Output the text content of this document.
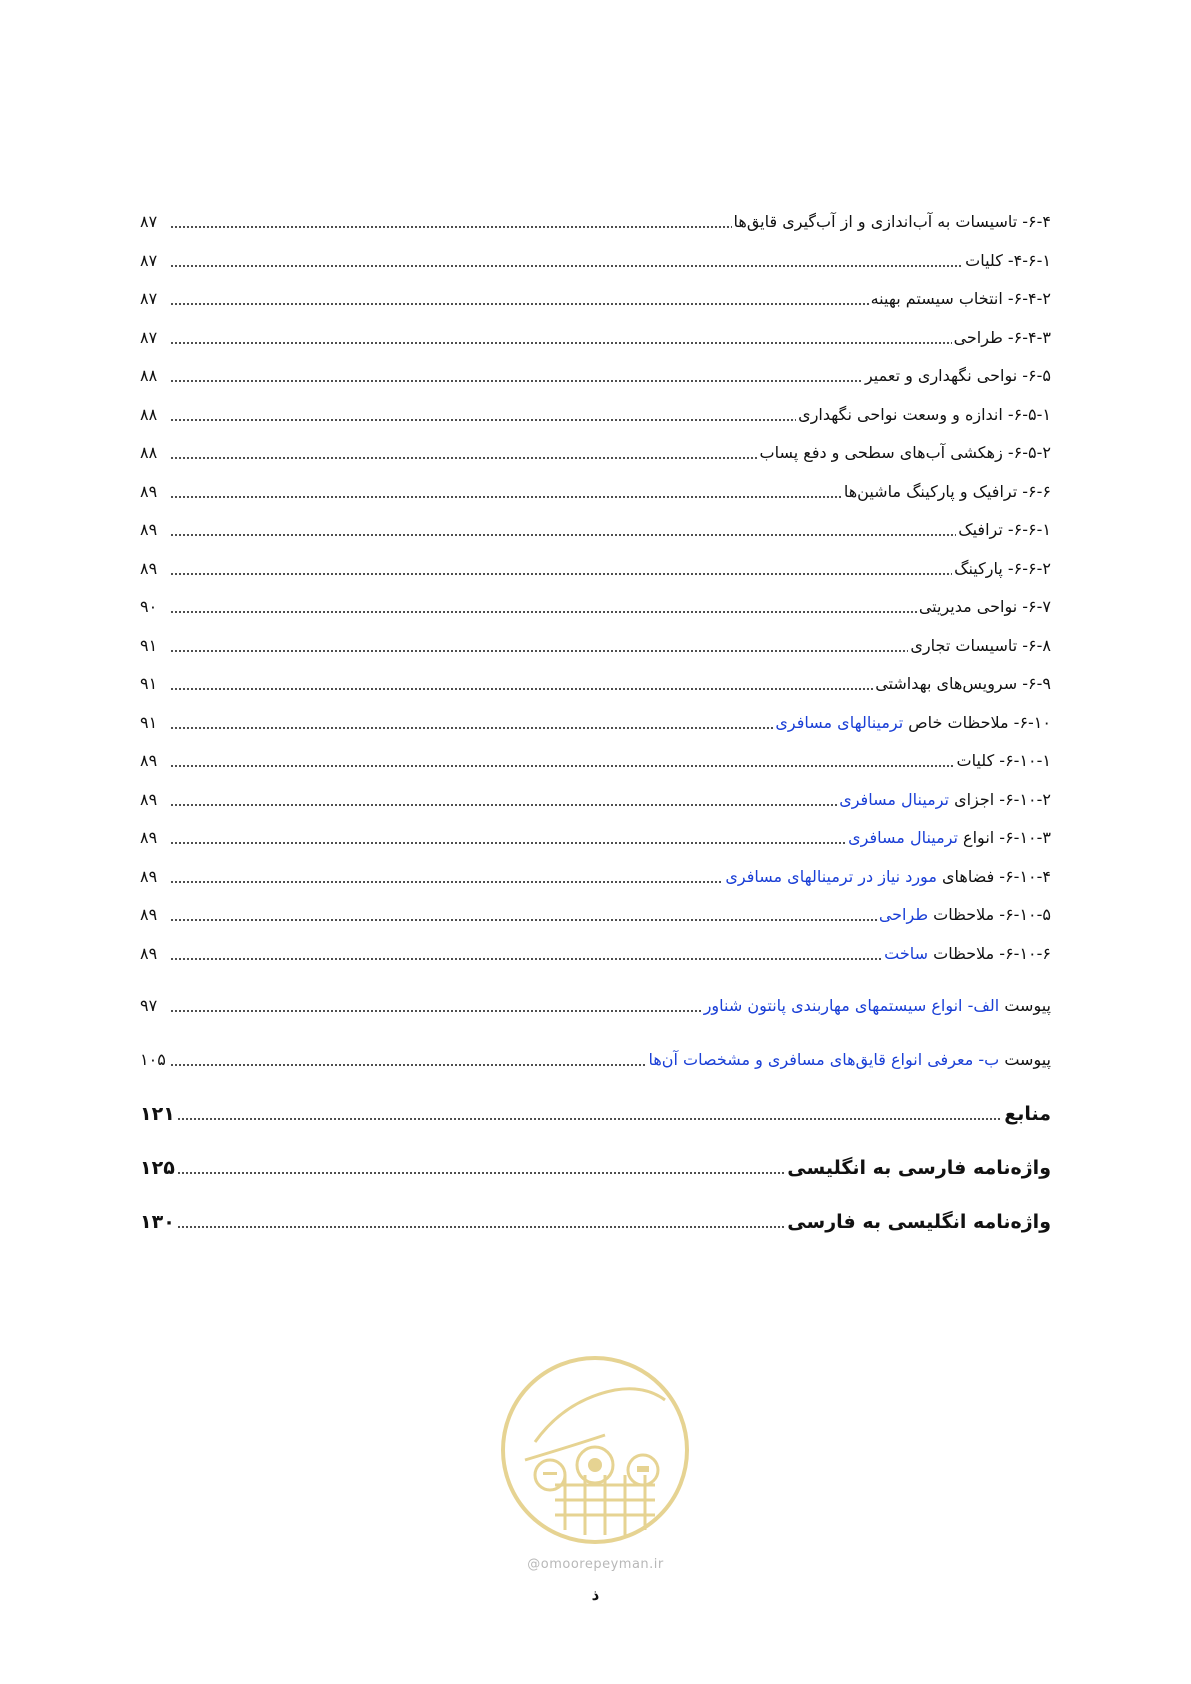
۶-۴- تاسیسات به آب‌اندازی و از آب‌گیری قایق‌ها
۸۷
۴-۶-۱- کلیات
۸۷
۶-۴-۲- انتخاب سیستم بهینه
۸۷
۶-۴-۳- طراحی
۸۷
۶-۵- نواحی نگهداری و تعمیر
۸۸
۶-۵-۱- اندازه و وسعت نواحی نگهداری
۸۸
۶-۵-۲- زهکشی آب‌های سطحی و دفع پساب
۸۸
۶-۶- ترافیک و پارکینگ ماشین‌ها
۸۹
۶-۶-۱- ترافیک
۸۹
۶-۶-۲- پارکینگ
۸۹
۶-۷- نواحی مدیریتی
۹۰
۶-۸- تاسیسات تجاری
۹۱
۶-۹- سرویس‌های بهداشتی
۹۱
۶-۱۰- ملاحظات خاص ترمینالهای مسافری
۹۱
۶-۱۰-۱- کلیات
۸۹
۶-۱۰-۲- اجزای ترمینال مسافری
۸۹
۶-۱۰-۳- انواع ترمینال مسافری
۸۹
۶-۱۰-۴- فضاهای مورد نیاز در ترمینالهای مسافری
۸۹
۶-۱۰-۵- ملاحظات طراحی
۸۹
۶-۱۰-۶- ملاحظات ساخت
۸۹
پیوست الف- انواع سیستمهای مهاربندی پانتون شناور
۹۷
پیوست ب- معرفی انواع قایق‌های مسافری و مشخصات آن‌ها
۱۰۵
منابع
۱۲۱
واژه‌نامه فارسی به انگلیسی
۱۲۵
واژه‌نامه انگلیسی به فارسی
۱۳۰
@omoorepeyman.ir
ذ
